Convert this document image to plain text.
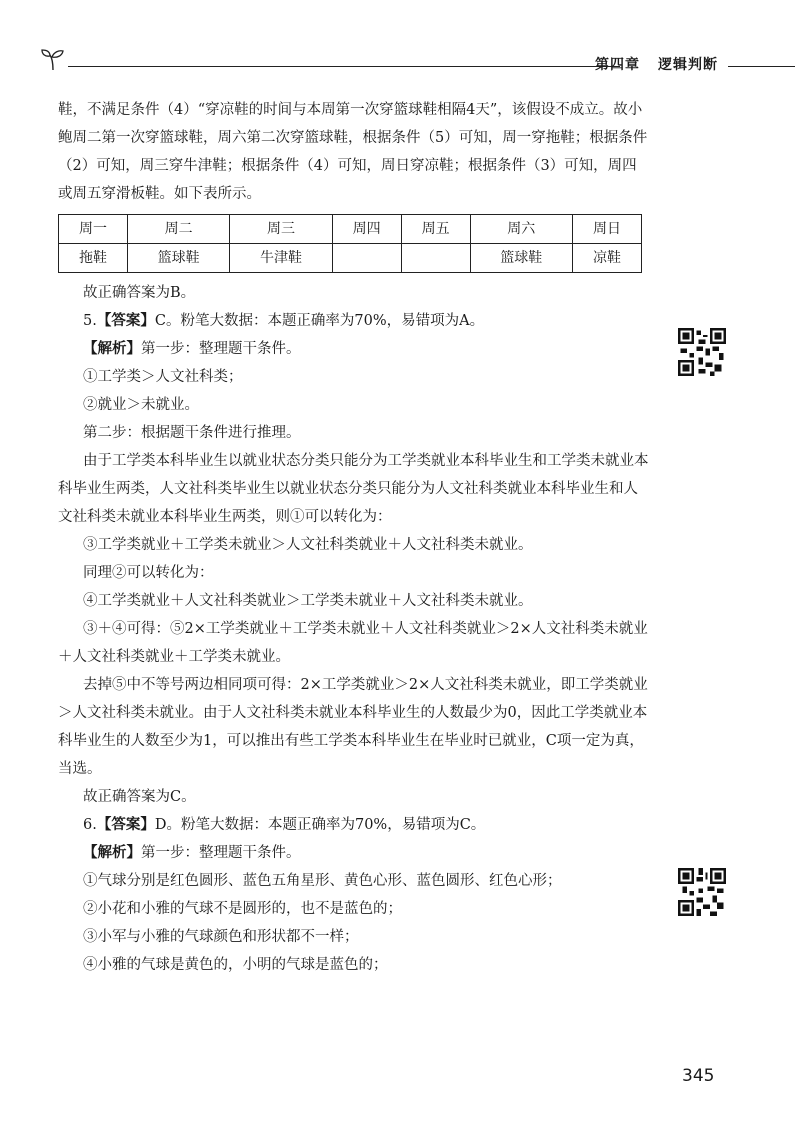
第四章 逻辑判断

鞋，不满足条件（4）“穿凉鞋的时间与本周第一次穿篮球鞋相隔4天”，该假设不成立。故小鲍周二第一次穿篮球鞋，周六第二次穿篮球鞋，根据条件（5）可知，周一穿拖鞋；根据条件（2）可知，周三穿牛津鞋；根据条件（4）可知，周日穿凉鞋；根据条件（3）可知，周四或周五穿滑板鞋。如下表所示。

周一	周二	周三	周四	周五	周六	周日
拖鞋	篮球鞋	牛津鞋			篮球鞋	凉鞋

故正确答案为B。

5.【答案】C。粉笔大数据：本题正确率为70%，易错项为A。

【解析】第一步：整理题干条件。

①工学类＞人文社科类；

②就业＞未就业。

第二步：根据题干条件进行推理。

由于工学类本科毕业生以就业状态分类只能分为工学类就业本科毕业生和工学类未就业本科毕业生两类，人文社科类毕业生以就业状态分类只能分为人文社科类就业本科毕业生和人文社科类未就业本科毕业生两类，则①可以转化为：

③工学类就业＋工学类未就业＞人文社科类就业＋人文社科类未就业。

同理②可以转化为：

④工学类就业＋人文社科类就业＞工学类未就业＋人文社科类未就业。

③＋④可得：⑤2×工学类就业＋工学类未就业＋人文社科类就业＞2×人文社科类未就业＋人文社科类就业＋工学类未就业。

去掉⑤中不等号两边相同项可得：2×工学类就业＞2×人文社科类未就业，即工学类就业＞人文社科类未就业。由于人文社科类未就业本科毕业生的人数最少为0，因此工学类就业本科毕业生的人数至少为1，可以推出有些工学类本科毕业生在毕业时已就业，C项一定为真，当选。

故正确答案为C。

6.【答案】D。粉笔大数据：本题正确率为70%，易错项为C。

【解析】第一步：整理题干条件。

①气球分别是红色圆形、蓝色五角星形、黄色心形、蓝色圆形、红色心形；

②小花和小雅的气球不是圆形的，也不是蓝色的；

③小军与小雅的气球颜色和形状都不一样；

④小雅的气球是黄色的，小明的气球是蓝色的；

345
